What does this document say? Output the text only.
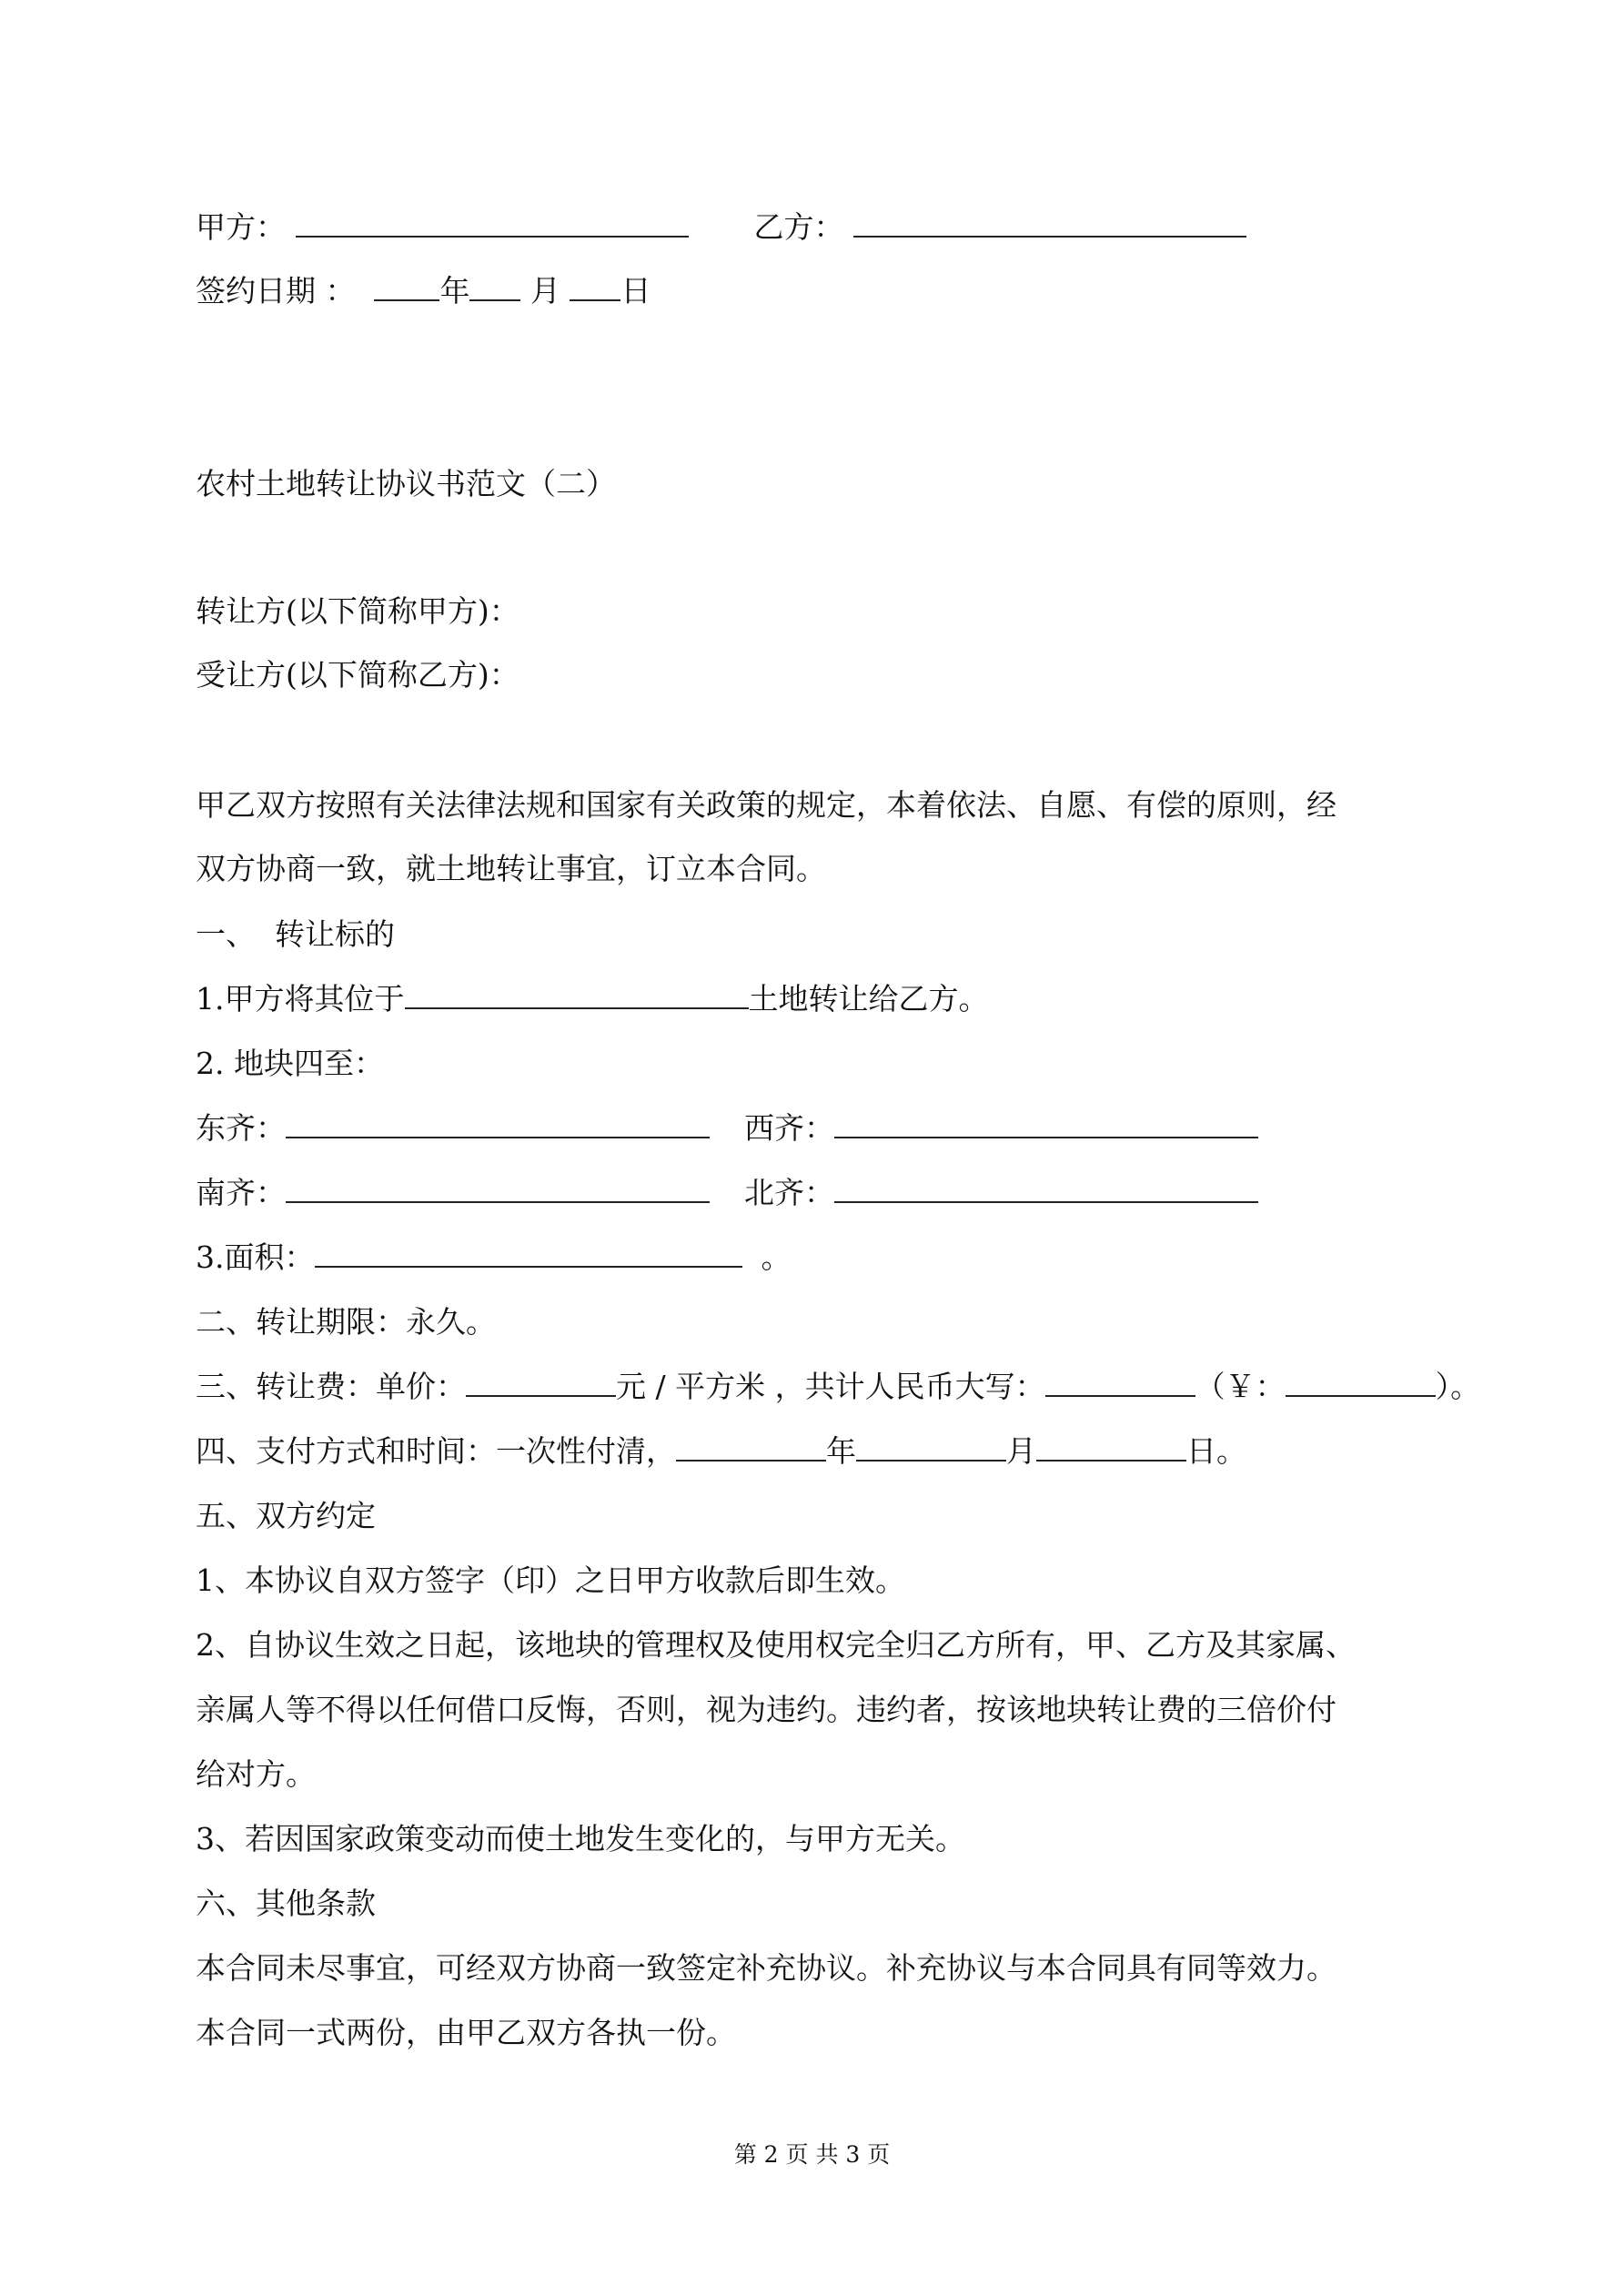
甲方：	乙方：
签约日期 ：	年 月 日
农村土地转让协议书范文（二）
转让方(以下简称甲方)：
受让方(以下简称乙方)：
甲乙双方按照有关法律法规和国家有关政策的规定，本着依法、自愿、有偿的原则，经
双方协商一致，就土地转让事宜，订立本合同。
一、  转让标的
1.甲方将其位于	土地转让给乙方。
2. 地块四至：
东齐：	西齐：
南齐：	北齐：
3.面积：	。
二、转让期限：永久。
三、转让费：单价：	元 / 平方米 ，共计人民币大写：	（￥：	）。
四、支付方式和时间：一次性付清，	年	月	日。
五、双方约定
1、本协议自双方签字（印）之日甲方收款后即生效。
2、自协议生效之日起，该地块的管理权及使用权完全归乙方所有，甲、乙方及其家属、
亲属人等不得以任何借口反悔，否则，视为违约。违约者，按该地块转让费的三倍价付
给对方。
3、若因国家政策变动而使土地发生变化的，与甲方无关。
六、其他条款
本合同未尽事宜，可经双方协商一致签定补充协议。补充协议与本合同具有同等效力。
本合同一式两份，由甲乙双方各执一份。
第 2 页 共 3 页
